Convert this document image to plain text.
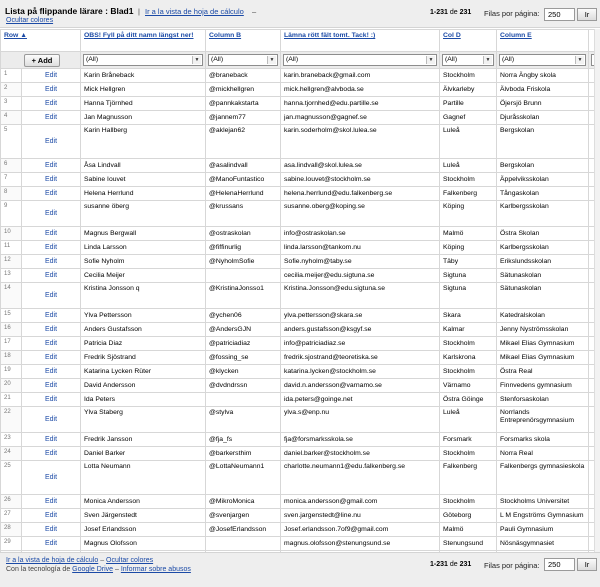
Lista på flippande lärare : Blad1 | Ir a la vista de hoja de cálculo –
Ocultar colores
1-231 de 231 Filas por página:	250	Ir
Row ▲		OBS! Fyll på ditt namn längst ner!	Column B	Lämna rött fält tomt. Tack! :)	Col D	Column E	

+ Add		(All) ▼	(All) ▼	(All) ▼	(All) ▼	(All) ▼

1	Edit	Karin Bråneback	@braneback	karin.braneback@gmail.com	Stockholm	Norra Ängby skola	
2	Edit	Mick Hellgren	@mickhellgren	mick.hellgren@alvboda.se	Älvkarleby	Älvboda Friskola	
3	Edit	Hanna Tjörnhed	@pannkakstarta	hanna.tjornhed@edu.partille.se	Partille	Öjersjö Brunn	
4	Edit	Jan Magnusson	@jannem77	jan.magnusson@gagnef.se	Gagnef	Djuråsskolan	
5	Edit	Karin Hallberg	@aklejan62	karin.soderholm@skol.lulea.se	Luleå	Bergskolan	
6	Edit	Åsa Lindvall	@asalindvall	asa.lindvall@skol.lulea.se	Luleå	Bergskolan	
7	Edit	Sabine Iouvet	@ManoFuntastico	sabine.louvet@stockholm.se	Stockholm	Äppelviksskolan	
8	Edit	Helena Herrlund	@HelenaHerrlund	helena.herrlund@edu.falkenberg.se	Falkenberg	Tångaskolan	
9	Edit	susanne öberg	@krussans	susanne.oberg@koping.se	Köping	Karlbergsskolan	
10	Edit	Magnus Bergwall	@ostraskolan	info@ostraskolan.se	Malmö	Östra Skolan	
11	Edit	Linda Larsson	@fiffinurlig	linda.larsson@tankom.nu	Köping	Karlbergsskolan	
12	Edit	Sofie Nyholm	@NyholmSofie	Sofie.nyholm@taby.se	Täby	Erikslundsskolan	
13	Edit	Cecilia Meijer		cecilia.meijer@edu.sigtuna.se	Sigtuna	Sätunaskolan	
14	Edit	Kristina Jonsson q	@KristinaJonsso1	Kristina.Jonsson@edu.sigtuna.se	Sigtuna	Sätunaskolan	
15	Edit	Ylva Pettersson	@ychen06	ylva.pettersson@skara.se	Skara	Katedralskolan	
16	Edit	Anders Gustafsson	@AndersGJN	anders.gustafsson@ksgyf.se	Kalmar	Jenny Nyströmsskolan	
17	Edit	Patricia Diaz	@patriciadiaz	info@patriciadiaz.se	Stockholm	Mikael Elias Gymnasium	
18	Edit	Fredrik Sjöstrand	@fossing_se	fredrik.sjostrand@teoretiska.se	Karlskrona	Mikael Elias Gymnasium	
19	Edit	Katarina Lycken Rüter	@klycken	katarina.lycken@stockholm.se	Stockholm	Östra Real	
20	Edit	David Andersson	@dvdndrssn	david.n.andersson@varnamo.se	Värnamo	Finnvedens gymnasium	
21	Edit	Ida Peters		ida.peters@goinge.net	Östra Göinge	Stenforsaskolan	
22	Edit	Ylva Staberg	@stylva	ylva.s@enp.nu	Luleå	Norrlands Entreprenörsgymnasium	
23	Edit	Fredrik Jansson	@fja_fs	fja@forsmarksskola.se	Forsmark	Forsmarks skola	
24	Edit	Daniel Barker	@barkersthim	daniel.barker@stockholm.se	Stockholm	Norra Real	
25	Edit	Lotta Neumann	@LottaNeumann1	charlotte.neumann1@edu.falkenberg.se	Falkenberg	Falkenbergs gymnasieskola	
26	Edit	Monica Andersson	@MikroMonica	monica.andersson@gmail.com	Stockholm	Stockholms Universitet	
27	Edit	Sven Järgenstedt	@svenjargen	sven.jargenstedt@line.nu	Göteborg	L M Engströms Gymnasium	
28	Edit	Josef Erlandsson	@JosefErlandsson	Josef.erlandsson.7of9@gmail.com	Malmö	Pauli Gymnasium	
29	Edit	Magnus Olofsson		magnus.olofsson@stenungsund.se	Stenungsund	Nösnäsgymnasiet	

Ir a la vista de hoja de cálculo – Ocultar colores
Con la tecnología de Google Drive – Informar sobre abusos
1-231 de 231 Filas por página:	250	Ir
